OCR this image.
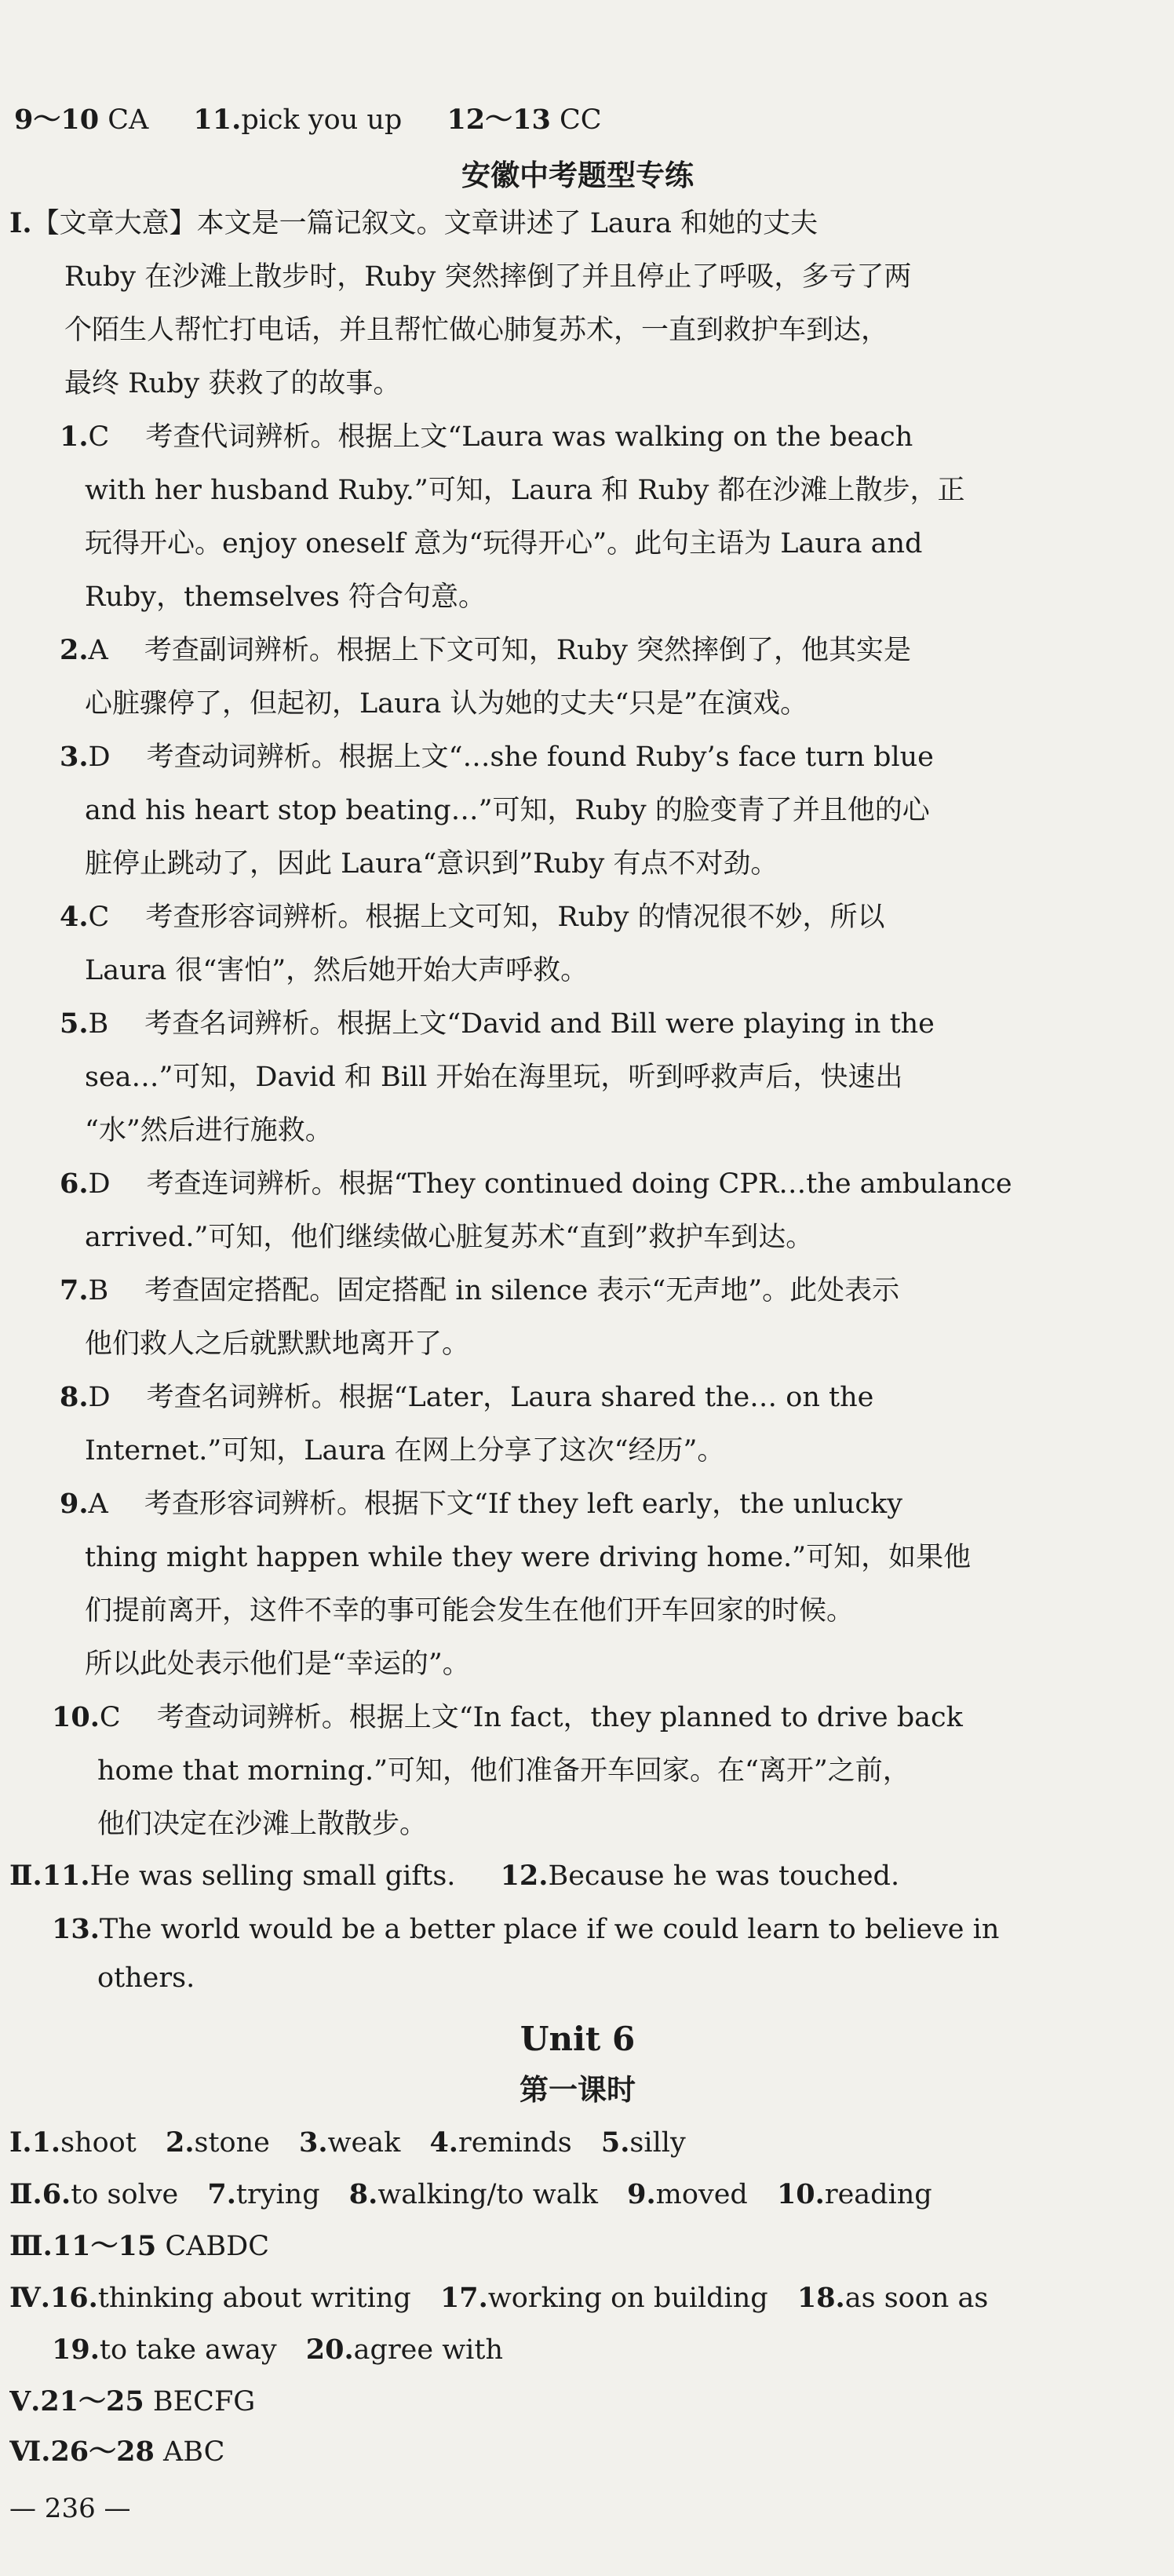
9～10 CA 11.pick you up 12～13 CC
安徽中考题型专练
Ⅰ.【文章大意】本文是一篇记叙文。文章讲述了 Laura 和她的丈夫
Ruby 在沙滩上散步时，Ruby 突然摔倒了并且停止了呼吸，多亏了两
个陌生人帮忙打电话，并且帮忙做心肺复苏术，一直到救护车到达，
最终 Ruby 获救了的故事。
1.C 考查代词辨析。根据上文“Laura was walking on the beach
with her husband Ruby.”可知，Laura 和 Ruby 都在沙滩上散步，正
玩得开心。enjoy oneself 意为“玩得开心”。此句主语为 Laura and
Ruby，themselves 符合句意。
2.A 考查副词辨析。根据上下文可知，Ruby 突然摔倒了，他其实是
心脏骤停了，但起初，Laura 认为她的丈夫“只是”在演戏。
3.D 考查动词辨析。根据上文“…she found Ruby’s face turn blue
and his heart stop beating…”可知，Ruby 的脸变青了并且他的心
脏停止跳动了，因此 Laura“意识到”Ruby 有点不对劲。
4.C 考查形容词辨析。根据上文可知，Ruby 的情况很不妙，所以
Laura 很“害怕”，然后她开始大声呼救。
5.B 考查名词辨析。根据上文“David and Bill were playing in the
sea…”可知，David 和 Bill 开始在海里玩，听到呼救声后，快速出
“水”然后进行施救。
6.D 考查连词辨析。根据“They continued doing CPR…the ambulance
arrived.”可知，他们继续做心脏复苏术“直到”救护车到达。
7.B 考查固定搭配。固定搭配 in silence 表示“无声地”。此处表示
他们救人之后就默默地离开了。
8.D 考查名词辨析。根据“Later，Laura shared the… on the
Internet.”可知，Laura 在网上分享了这次“经历”。
9.A 考查形容词辨析。根据下文“If they left early，the unlucky
thing might happen while they were driving home.”可知，如果他
们提前离开，这件不幸的事可能会发生在他们开车回家的时候。
所以此处表示他们是“幸运的”。
10.C 考查动词辨析。根据上文“In fact，they planned to drive back
home that morning.”可知，他们准备开车回家。在“离开”之前，
他们决定在沙滩上散散步。
Ⅱ.11.He was selling small gifts. 12.Because he was touched.
13.The world would be a better place if we could learn to believe in
others.
Unit 6
第一课时
Ⅰ.1.shoot 2.stone 3.weak 4.reminds 5.silly
Ⅱ.6.to solve 7.trying 8.walking/to walk 9.moved 10.reading
Ⅲ.11～15 CABDC
Ⅳ.16.thinking about writing 17.working on building 18.as soon as
19.to take away 20.agree with
Ⅴ.21～25 BECFG
Ⅵ.26～28 ABC
— 236 —
